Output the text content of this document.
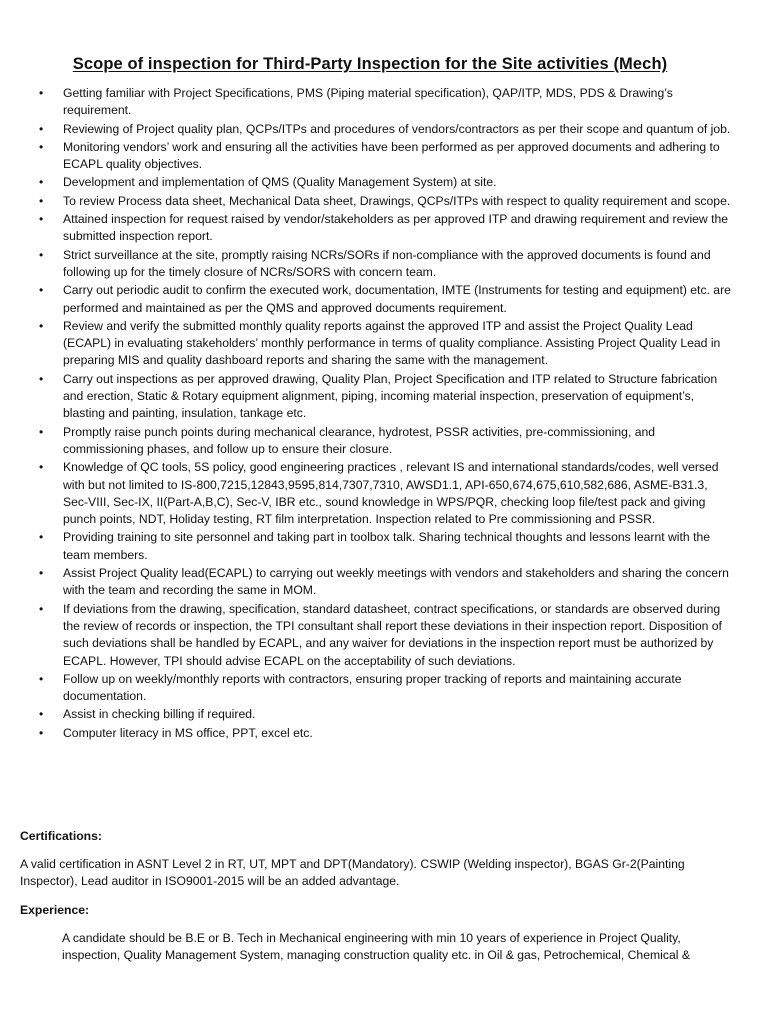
Scope of inspection for Third-Party Inspection for the Site activities (Mech)
• Getting familiar with Project Specifications, PMS (Piping material specification), QAP/ITP, MDS, PDS & Drawing’s requirement.
• Reviewing of Project quality plan, QCPs/ITPs and procedures of vendors/contractors as per their scope and quantum of job.
• Monitoring vendors’ work and ensuring all the activities have been performed as per approved documents and adhering to ECAPL quality objectives.
• Development and implementation of QMS (Quality Management System) at site.
• To review Process data sheet, Mechanical Data sheet, Drawings, QCPs/ITPs with respect to quality requirement and scope.
• Attained inspection for request raised by vendor/stakeholders as per approved ITP and drawing requirement and review the submitted inspection report.
• Strict surveillance at the site, promptly raising NCRs/SORs if non-compliance with the approved documents is found and following up for the timely closure of NCRs/SORS with concern team.
• Carry out periodic audit to confirm the executed work, documentation, IMTE (Instruments for testing and equipment) etc. are performed and maintained as per the QMS and approved documents requirement.
• Review and verify the submitted monthly quality reports against the approved ITP and assist the Project Quality Lead (ECAPL) in evaluating stakeholders’ monthly performance in terms of quality compliance. Assisting Project Quality Lead in preparing MIS and quality dashboard reports and sharing the same with the management.
• Carry out inspections as per approved drawing, Quality Plan, Project Specification and ITP related to Structure fabrication and erection, Static & Rotary equipment alignment, piping, incoming material inspection, preservation of equipment’s, blasting and painting, insulation, tankage etc.
• Promptly raise punch points during mechanical clearance, hydrotest, PSSR activities, pre-commissioning, and commissioning phases, and follow up to ensure their closure.
• Knowledge of QC tools, 5S policy, good engineering practices , relevant IS and international standards/codes, well versed with but not limited to IS-800,7215,12843,9595,814,7307,7310, AWSD1.1, API-650,674,675,610,582,686, ASME-B31.3, Sec-VIII, Sec-IX, II(Part-A,B,C), Sec-V, IBR etc., sound knowledge in WPS/PQR, checking loop file/test pack and giving punch points, NDT, Holiday testing, RT film interpretation. Inspection related to Pre commissioning and PSSR.
• Providing training to site personnel and taking part in toolbox talk. Sharing technical thoughts and lessons learnt with the team members.
• Assist Project Quality lead(ECAPL) to carrying out weekly meetings with vendors and stakeholders and sharing the concern with the team and recording the same in MOM.
• If deviations from the drawing, specification, standard datasheet, contract specifications, or standards are observed during the review of records or inspection, the TPI consultant shall report these deviations in their inspection report. Disposition of such deviations shall be handled by ECAPL, and any waiver for deviations in the inspection report must be authorized by ECAPL. However, TPI should advise ECAPL on the acceptability of such deviations.
• Follow up on weekly/monthly reports with contractors, ensuring proper tracking of reports and maintaining accurate documentation.
• Assist in checking billing if required.
• Computer literacy in MS office, PPT, excel etc.

Certifications:

A valid certification in ASNT Level 2 in RT, UT, MPT and DPT(Mandatory). CSWIP (Welding inspector), BGAS Gr-2(Painting Inspector), Lead auditor in ISO9001-2015 will be an added advantage.

Experience:

A candidate should be B.E or B. Tech in Mechanical engineering with min 10 years of experience in Project Quality, inspection, Quality Management System, managing construction quality etc. in Oil & gas, Petrochemical, Chemical &
